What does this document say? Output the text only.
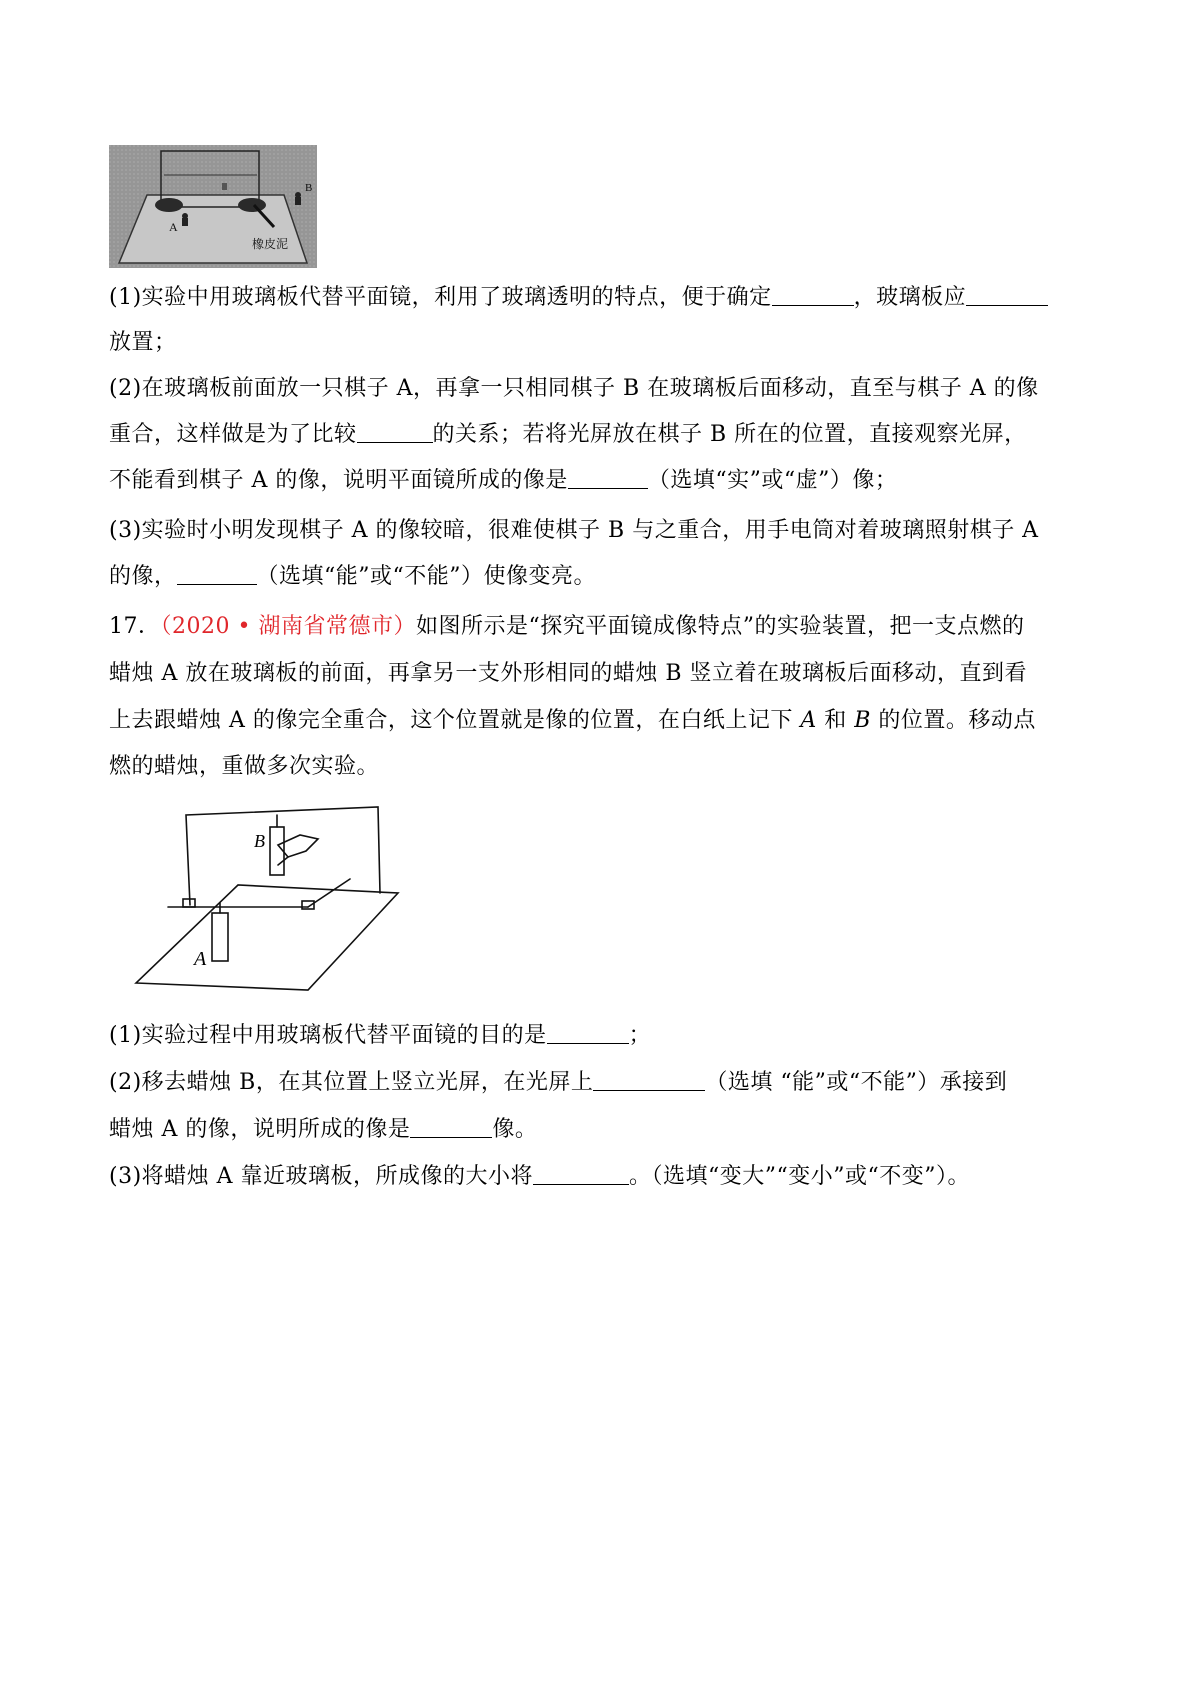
A
B
橡皮泥
(1)实验中用玻璃板代替平面镜，利用了玻璃透明的特点，便于确定	，玻璃板应
放置；
(2)在玻璃板前面放一只棋子 A，再拿一只相同棋子 B 在玻璃板后面移动，直至与棋子 A 的像
重合，这样做是为了比较	的关系；若将光屏放在棋子 B 所在的位置，直接观察光屏，
不能看到棋子 A 的像，说明平面镜所成的像是	（选填“实”或“虚”）像；
(3)实验时小明发现棋子 A 的像较暗，很难使棋子 B 与之重合，用手电筒对着玻璃照射棋子 A
的像，	（选填“能”或“不能”）使像变亮。
17．（2020 • 湖南省常德市）如图所示是“探究平面镜成像特点”的实验装置，把一支点燃的
蜡烛 A 放在玻璃板的前面，再拿另一支外形相同的蜡烛 B 竖立着在玻璃板后面移动，直到看
上去跟蜡烛 A 的像完全重合，这个位置就是像的位置，在白纸上记下 A 和 B 的位置。移动点
燃的蜡烛，重做多次实验。
A
B
(1)实验过程中用玻璃板代替平面镜的目的是	；
(2)移去蜡烛 B，在其位置上竖立光屏，在光屏上	（选填 “能”或“不能”）承接到
蜡烛 A 的像，说明所成的像是	像。
(3)将蜡烛 A 靠近玻璃板，所成像的大小将	。（选填“变大”“变小”或“不变”）。
